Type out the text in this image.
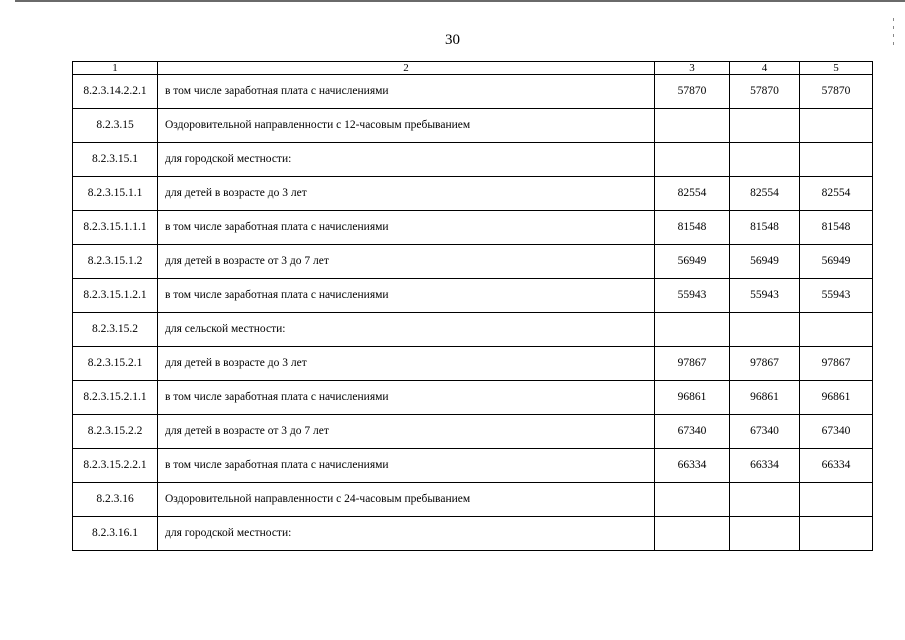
30
1	2	3	4	5
8.2.3.14.2.2.1	в том числе заработная плата с начислениями	57870	57870	57870
8.2.3.15	Оздоровительной направленности с 12-часовым пребыванием			
8.2.3.15.1	для городской местности:			
8.2.3.15.1.1	для детей в возрасте до 3 лет	82554	82554	82554
8.2.3.15.1.1.1	в том числе заработная плата с начислениями	81548	81548	81548
8.2.3.15.1.2	для детей в возрасте от 3 до 7 лет	56949	56949	56949
8.2.3.15.1.2.1	в том числе заработная плата с начислениями	55943	55943	55943
8.2.3.15.2	для сельской местности:			
8.2.3.15.2.1	для детей в возрасте до 3 лет	97867	97867	97867
8.2.3.15.2.1.1	в том числе заработная плата с начислениями	96861	96861	96861
8.2.3.15.2.2	для детей в возрасте от 3 до 7 лет	67340	67340	67340
8.2.3.15.2.2.1	в том числе заработная плата с начислениями	66334	66334	66334
8.2.3.16	Оздоровительной направленности с 24-часовым пребыванием			
8.2.3.16.1	для городской местности:			
